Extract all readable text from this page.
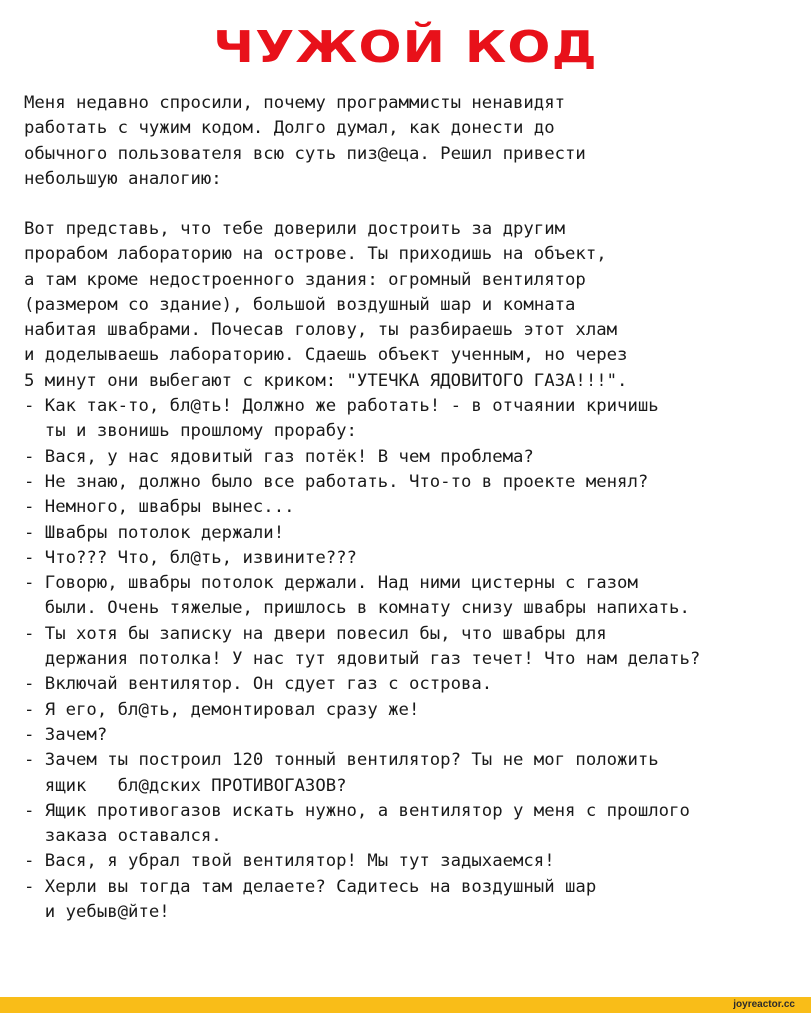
ЧУЖОЙ КОД
Меня недавно спросили, почему программисты ненавидят
работать с чужим кодом. Долго думал, как донести до
обычного пользователя всю суть пиз@еца. Решил привести
небольшую аналогию:
Вот представь, что тебе доверили достроить за другим
прорабом лабораторию на острове. Ты приходишь на объект,
а там кроме недостроенного здания: огромный вентилятор
(размером со здание), большой воздушный шар и комната
набитая швабрами. Почесав голову, ты разбираешь этот хлам
и доделываешь лабораторию. Сдаешь объект ученным, но через
5 минут они выбегают с криком: "УТЕЧКА ЯДОВИТОГО ГАЗА!!!".
- Как так-то, бл@ть! Должно же работать! - в отчаянии кричишь
ты и звонишь прошлому прорабу:
- Вася, у нас ядовитый газ потёк! В чем проблема?
- Не знаю, должно было все работать. Что-то в проекте менял?
- Немного, швабры вынес...
- Швабры потолок держали!
- Что??? Что, бл@ть, извините???
- Говорю, швабры потолок держали. Над ними цистерны с газом
были. Очень тяжелые, пришлось в комнату снизу швабры напихать.
- Ты хотя бы записку на двери повесил бы, что швабры для
держания потолка! У нас тут ядовитый газ течет! Что нам делать?
- Включай вентилятор. Он сдует газ с острова.
- Я его, бл@ть, демонтировал сразу же!
- Зачем?
- Зачем ты построил 120 тонный вентилятор? Ты не мог положить
ящик   бл@дских ПРОТИВОГАЗОВ?
- Ящик противогазов искать нужно, а вентилятор у меня с прошлого
заказа оставался.
- Вася, я убрал твой вентилятор! Мы тут задыхаемся!
- Херли вы тогда там делаете? Садитесь на воздушный шар
и уебыв@йте!
joyreactor.cc
